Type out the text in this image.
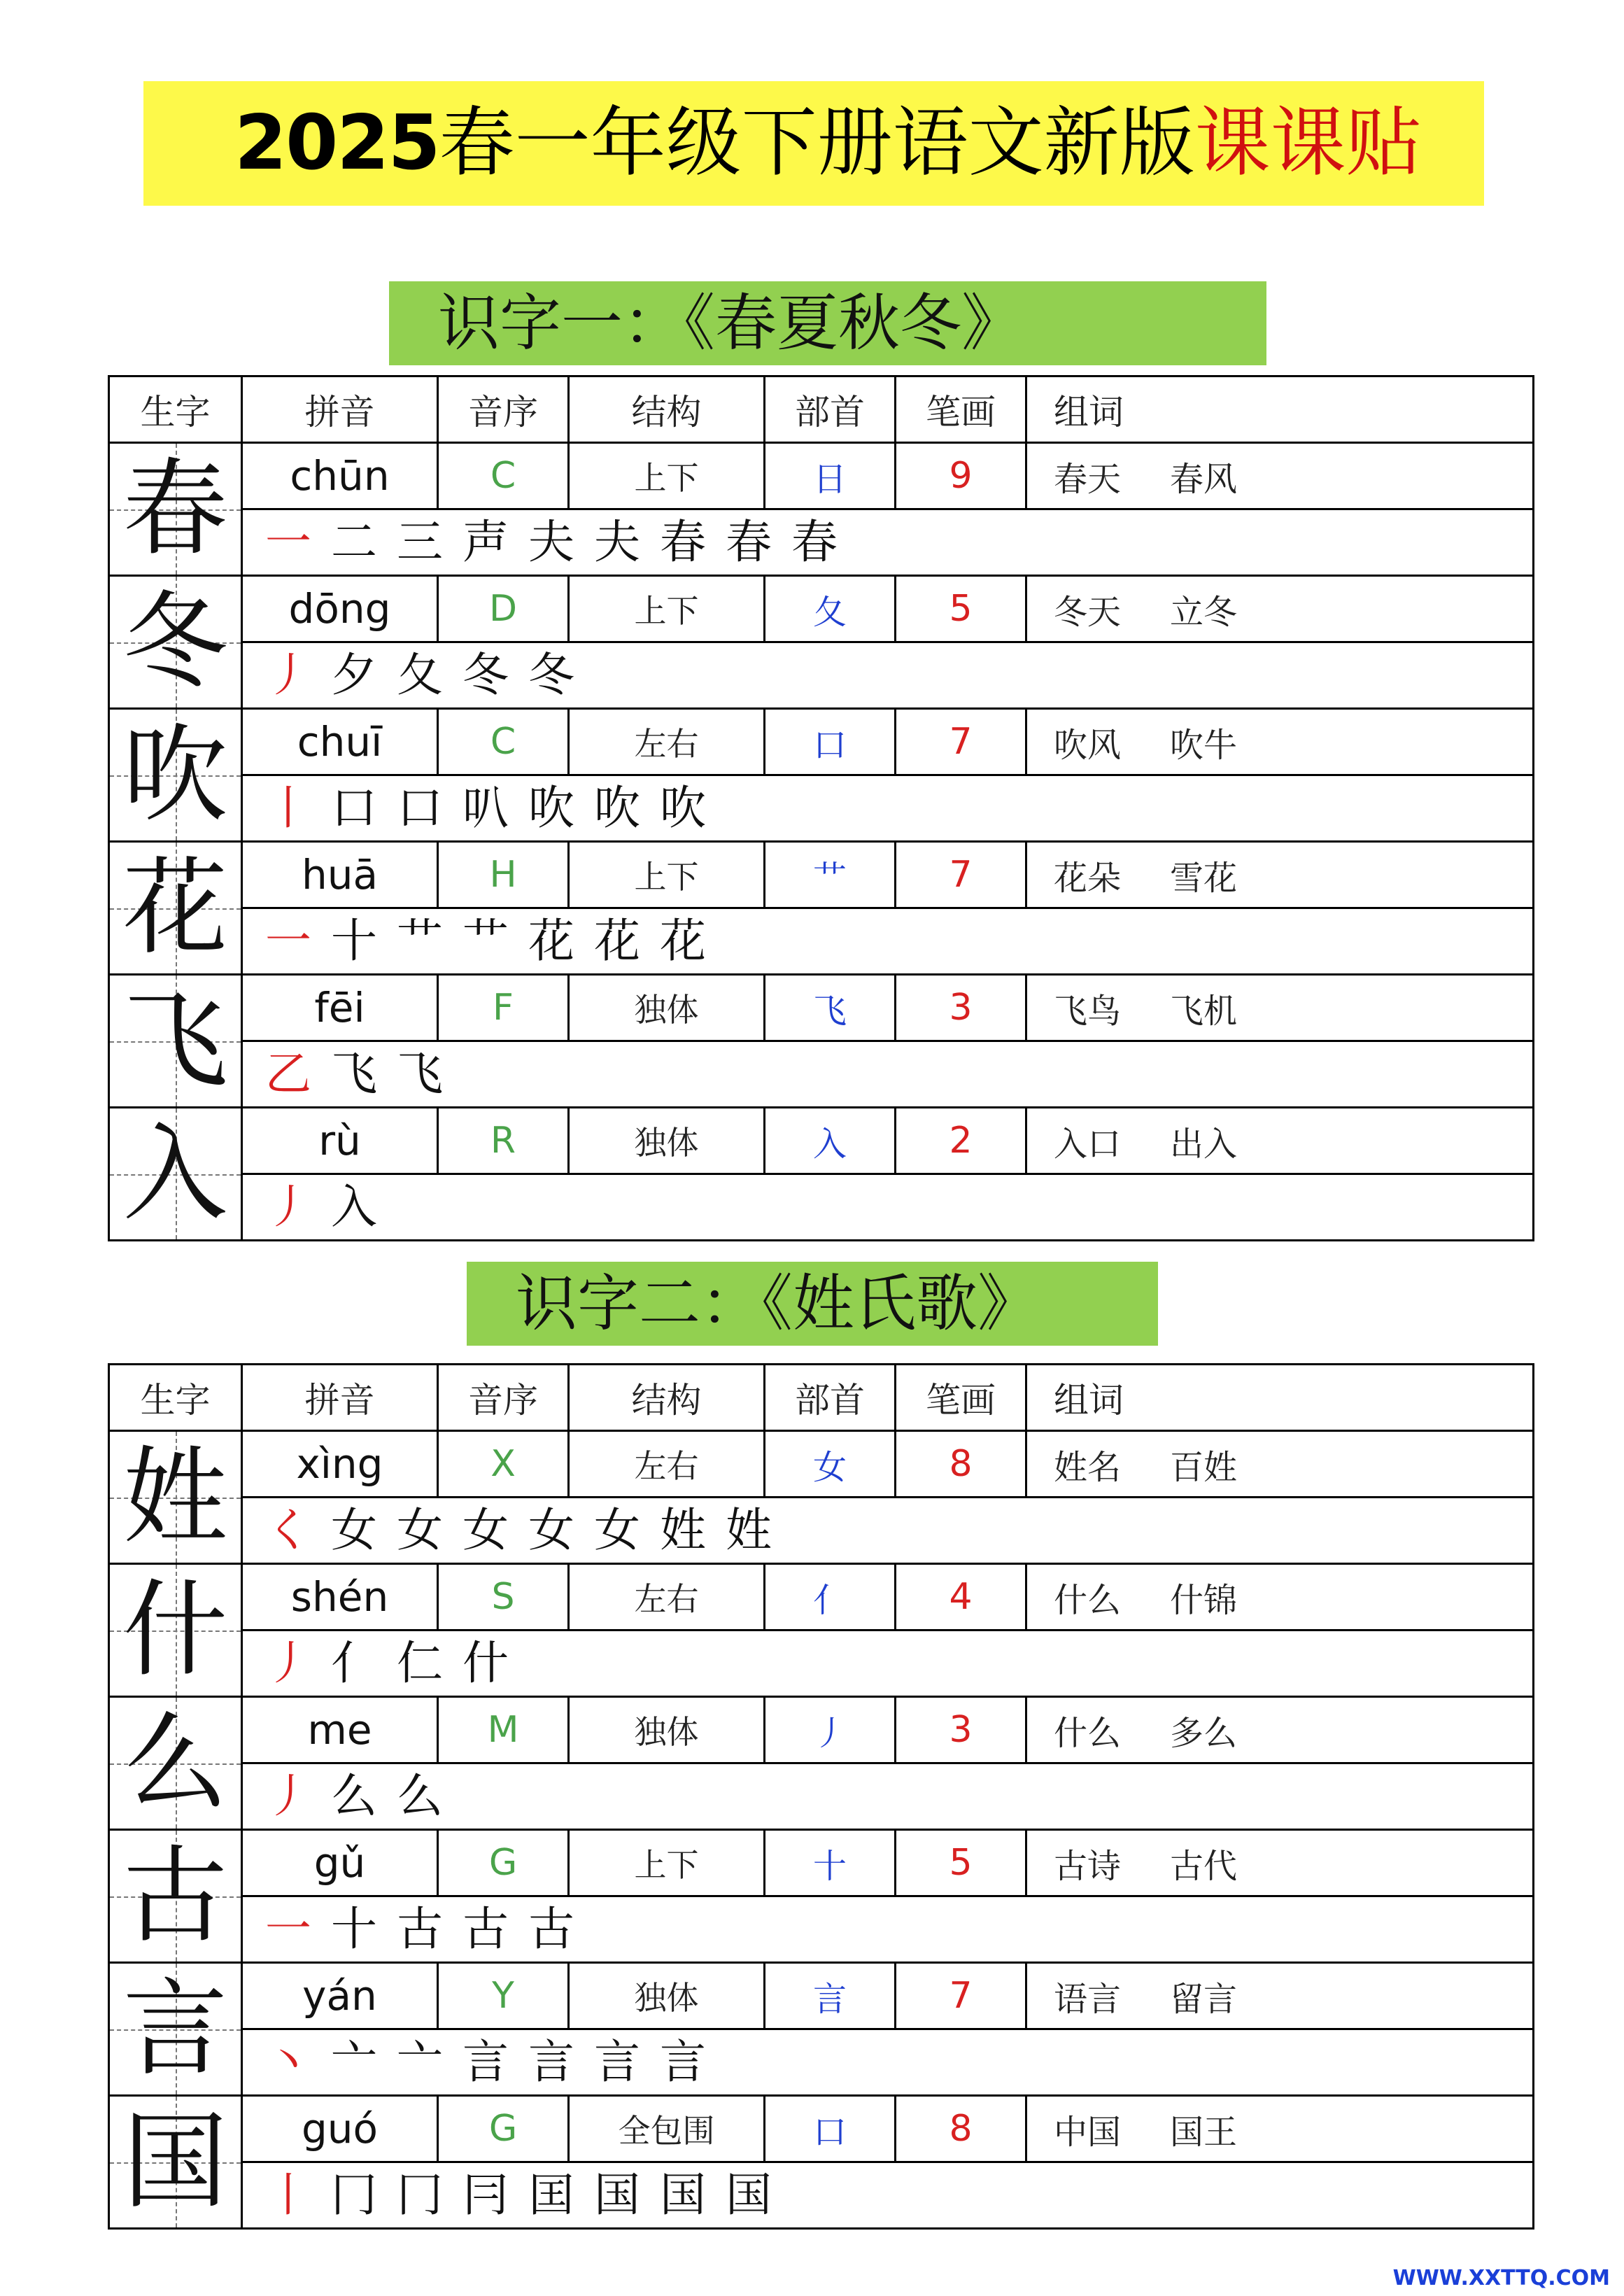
2025春一年级下册语文新版课课贴
识字一：《春夏秋冬》
生字	拼音	音序	结构	部首	笔画	组词

春	chūn	C	上下	日	9	春天 春风
	一 二 三 声 夫 夫 春 春 春					

冬	dōng	D	上下	夂	5	冬天 立冬
	丿 夕 夂 冬 冬					

吹	chuī	C	左右	口	7	吹风 吹牛
	丨 口 口 叭 吹 吹 吹					

花	huā	H	上下	艹	7	花朵 雪花
	一 十 艹 艹 花 花 花					

飞	fēi	F	独体	飞	3	飞鸟 飞机
	乙 飞 飞					

入	rù	R	独体	入	2	入口 出入
	丿 入					
识字二：《姓氏歌》
生字	拼音	音序	结构	部首	笔画	组词

姓	xìng	X	左右	女	8	姓名 百姓
	く 女 女 女 女 女 姓 姓					

什	shén	S	左右	亻	4	什么 什锦
	丿 亻 仁 什					

么	me	M	独体	丿	3	什么 多么
	丿 么 么					

古	gǔ	G	上下	十	5	古诗 古代
	一 十 古 古 古					

言	yán	Y	独体	言	7	语言 留言
	丶 亠 亠 言 言 言 言					

国	guó	G	全包围	口	8	中国 国王
	丨 冂 冂 冃 囯 国 国 国					
WWW.XXTTQ.COM
